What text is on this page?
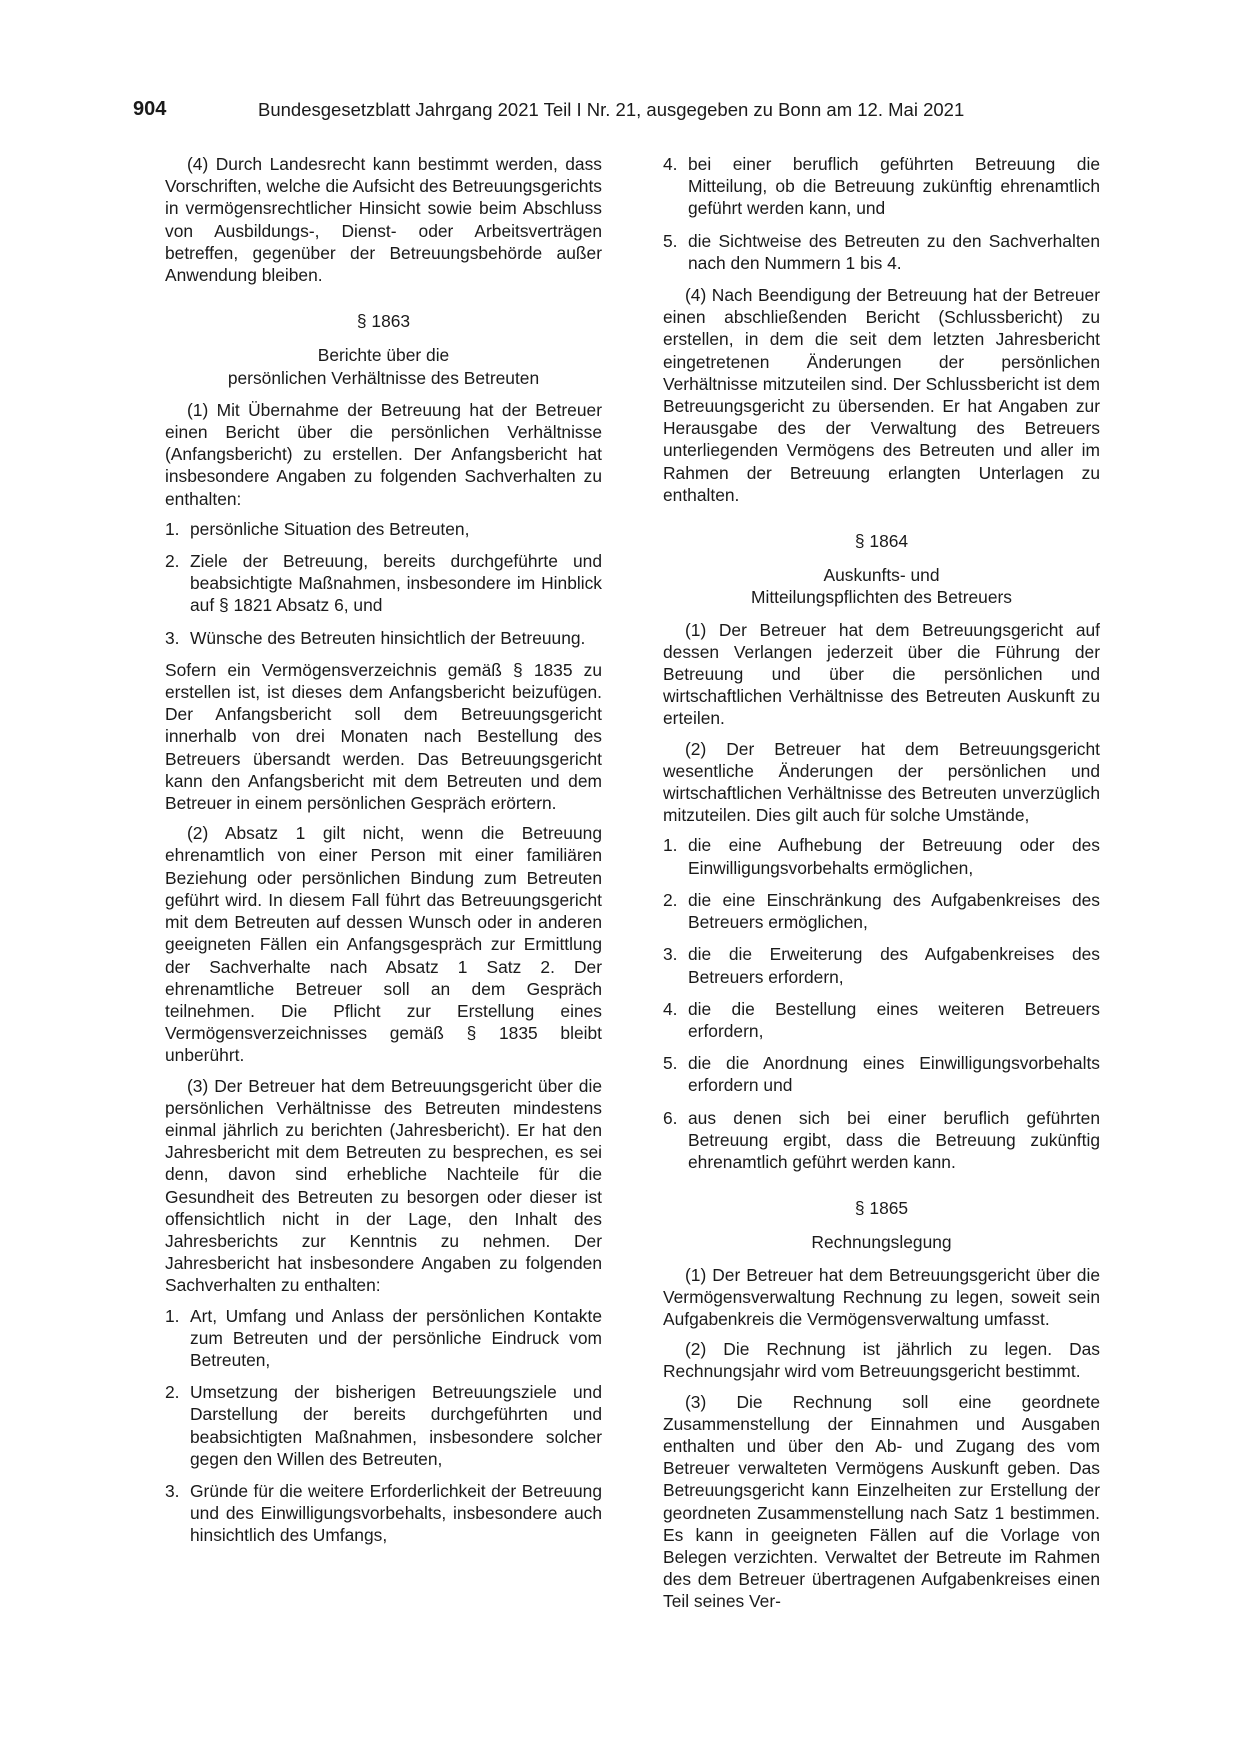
904	Bundesgesetzblatt Jahrgang 2021 Teil I Nr. 21, ausgegeben zu Bonn am 12. Mai 2021

(4) Durch Landesrecht kann bestimmt werden, dass Vorschriften, welche die Aufsicht des Betreuungsgerichts in vermögensrechtlicher Hinsicht sowie beim Abschluss von Ausbildungs-, Dienst- oder Arbeitsverträgen betreffen, gegenüber der Betreuungsbehörde außer Anwendung bleiben.

§ 1863
Berichte über die
persönlichen Verhältnisse des Betreuten

(1) Mit Übernahme der Betreuung hat der Betreuer einen Bericht über die persönlichen Verhältnisse (Anfangsbericht) zu erstellen. Der Anfangsbericht hat insbesondere Angaben zu folgenden Sachverhalten zu enthalten:

1. persönliche Situation des Betreuten,
2. Ziele der Betreuung, bereits durchgeführte und beabsichtigte Maßnahmen, insbesondere im Hinblick auf § 1821 Absatz 6, und
3. Wünsche des Betreuten hinsichtlich der Betreuung.

Sofern ein Vermögensverzeichnis gemäß § 1835 zu erstellen ist, ist dieses dem Anfangsbericht beizufügen. Der Anfangsbericht soll dem Betreuungsgericht innerhalb von drei Monaten nach Bestellung des Betreuers übersandt werden. Das Betreuungsgericht kann den Anfangsbericht mit dem Betreuten und dem Betreuer in einem persönlichen Gespräch erörtern.

(2) Absatz 1 gilt nicht, wenn die Betreuung ehrenamtlich von einer Person mit einer familiären Beziehung oder persönlichen Bindung zum Betreuten geführt wird. In diesem Fall führt das Betreuungsgericht mit dem Betreuten auf dessen Wunsch oder in anderen geeigneten Fällen ein Anfangsgespräch zur Ermittlung der Sachverhalte nach Absatz 1 Satz 2. Der ehrenamtliche Betreuer soll an dem Gespräch teilnehmen. Die Pflicht zur Erstellung eines Vermögensverzeichnisses gemäß § 1835 bleibt unberührt.

(3) Der Betreuer hat dem Betreuungsgericht über die persönlichen Verhältnisse des Betreuten mindestens einmal jährlich zu berichten (Jahresbericht). Er hat den Jahresbericht mit dem Betreuten zu besprechen, es sei denn, davon sind erhebliche Nachteile für die Gesundheit des Betreuten zu besorgen oder dieser ist offensichtlich nicht in der Lage, den Inhalt des Jahresberichts zur Kenntnis zu nehmen. Der Jahresbericht hat insbesondere Angaben zu folgenden Sachverhalten zu enthalten:

1. Art, Umfang und Anlass der persönlichen Kontakte zum Betreuten und der persönliche Eindruck vom Betreuten,
2. Umsetzung der bisherigen Betreuungsziele und Darstellung der bereits durchgeführten und beabsichtigten Maßnahmen, insbesondere solcher gegen den Willen des Betreuten,
3. Gründe für die weitere Erforderlichkeit der Betreuung und des Einwilligungsvorbehalts, insbesondere auch hinsichtlich des Umfangs,
4. bei einer beruflich geführten Betreuung die Mitteilung, ob die Betreuung zukünftig ehrenamtlich geführt werden kann, und
5. die Sichtweise des Betreuten zu den Sachverhalten nach den Nummern 1 bis 4.

(4) Nach Beendigung der Betreuung hat der Betreuer einen abschließenden Bericht (Schlussbericht) zu erstellen, in dem die seit dem letzten Jahresbericht eingetretenen Änderungen der persönlichen Verhältnisse mitzuteilen sind. Der Schlussbericht ist dem Betreuungsgericht zu übersenden. Er hat Angaben zur Herausgabe des der Verwaltung des Betreuers unterliegenden Vermögens des Betreuten und aller im Rahmen der Betreuung erlangten Unterlagen zu enthalten.

§ 1864
Auskunfts- und
Mitteilungspflichten des Betreuers

(1) Der Betreuer hat dem Betreuungsgericht auf dessen Verlangen jederzeit über die Führung der Betreuung und über die persönlichen und wirtschaftlichen Verhältnisse des Betreuten Auskunft zu erteilen.

(2) Der Betreuer hat dem Betreuungsgericht wesentliche Änderungen der persönlichen und wirtschaftlichen Verhältnisse des Betreuten unverzüglich mitzuteilen. Dies gilt auch für solche Umstände,

1. die eine Aufhebung der Betreuung oder des Einwilligungsvorbehalts ermöglichen,
2. die eine Einschränkung des Aufgabenkreises des Betreuers ermöglichen,
3. die die Erweiterung des Aufgabenkreises des Betreuers erfordern,
4. die die Bestellung eines weiteren Betreuers erfordern,
5. die die Anordnung eines Einwilligungsvorbehalts erfordern und
6. aus denen sich bei einer beruflich geführten Betreuung ergibt, dass die Betreuung zukünftig ehrenamtlich geführt werden kann.
§ 1865
Rechnungslegung

(1) Der Betreuer hat dem Betreuungsgericht über die Vermögensverwaltung Rechnung zu legen, soweit sein Aufgabenkreis die Vermögensverwaltung umfasst.

(2) Die Rechnung ist jährlich zu legen. Das Rechnungsjahr wird vom Betreuungsgericht bestimmt.

(3) Die Rechnung soll eine geordnete Zusammenstellung der Einnahmen und Ausgaben enthalten und über den Ab- und Zugang des vom Betreuer verwalteten Vermögens Auskunft geben. Das Betreuungsgericht kann Einzelheiten zur Erstellung der geordneten Zusammenstellung nach Satz 1 bestimmen. Es kann in geeigneten Fällen auf die Vorlage von Belegen verzichten. Verwaltet der Betreute im Rahmen des dem Betreuer übertragenen Aufgabenkreises einen Teil seines Ver-
